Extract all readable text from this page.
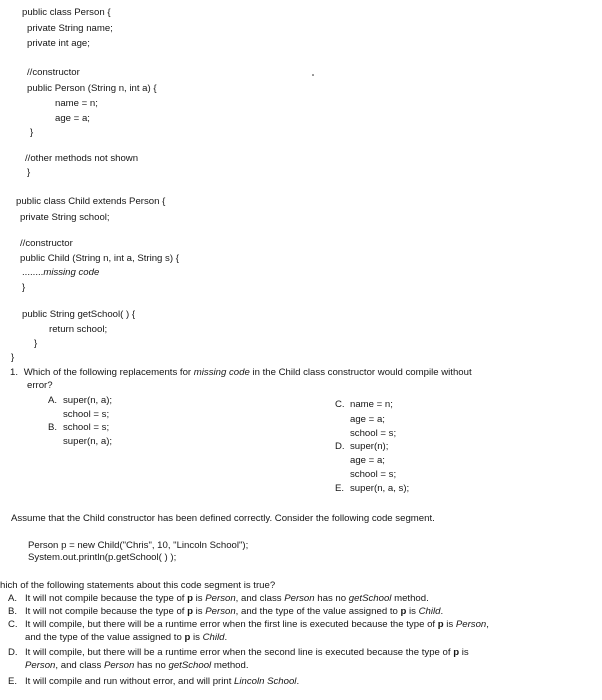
public class Person {
private String name;
private int age;
//constructor
public Person (String n, int a) {
name = n;
age = a;
}
//other methods not shown
}
public class Child extends Person {
private String school;
//constructor
public Child (String n, int a, String s) {
........missing code
}
public String getSchool( ) {
return school;
}
}
1. Which of the following replacements for missing code in the Child class constructor would compile without
error?
A. super(n, a);
school = s;
B. school = s;
super(n, a);
C. name = n;
age = a;
school = s;
D. super(n);
age = a;
school = s;
E. super(n, a, s);
Assume that the Child constructor has been defined correctly. Consider the following code segment.
Person p = new Child("Chris", 10, "Lincoln School");
System.out.println(p.getSchool( ) );
hich of the following statements about this code segment is true?
A. It will not compile because the type of p is Person, and class Person has no getSchool method.
B. It will not compile because the type of p is Person, and the type of the value assigned to p is Child.
C. It will compile, but there will be a runtime error when the first line is executed because the type of p is Person,
and the type of the value assigned to p is Child.
D. It will compile, but there will be a runtime error when the second line is executed because the type of p is
Person, and class Person has no getSchool method.
E. It will compile and run without error, and will print Lincoln School.
